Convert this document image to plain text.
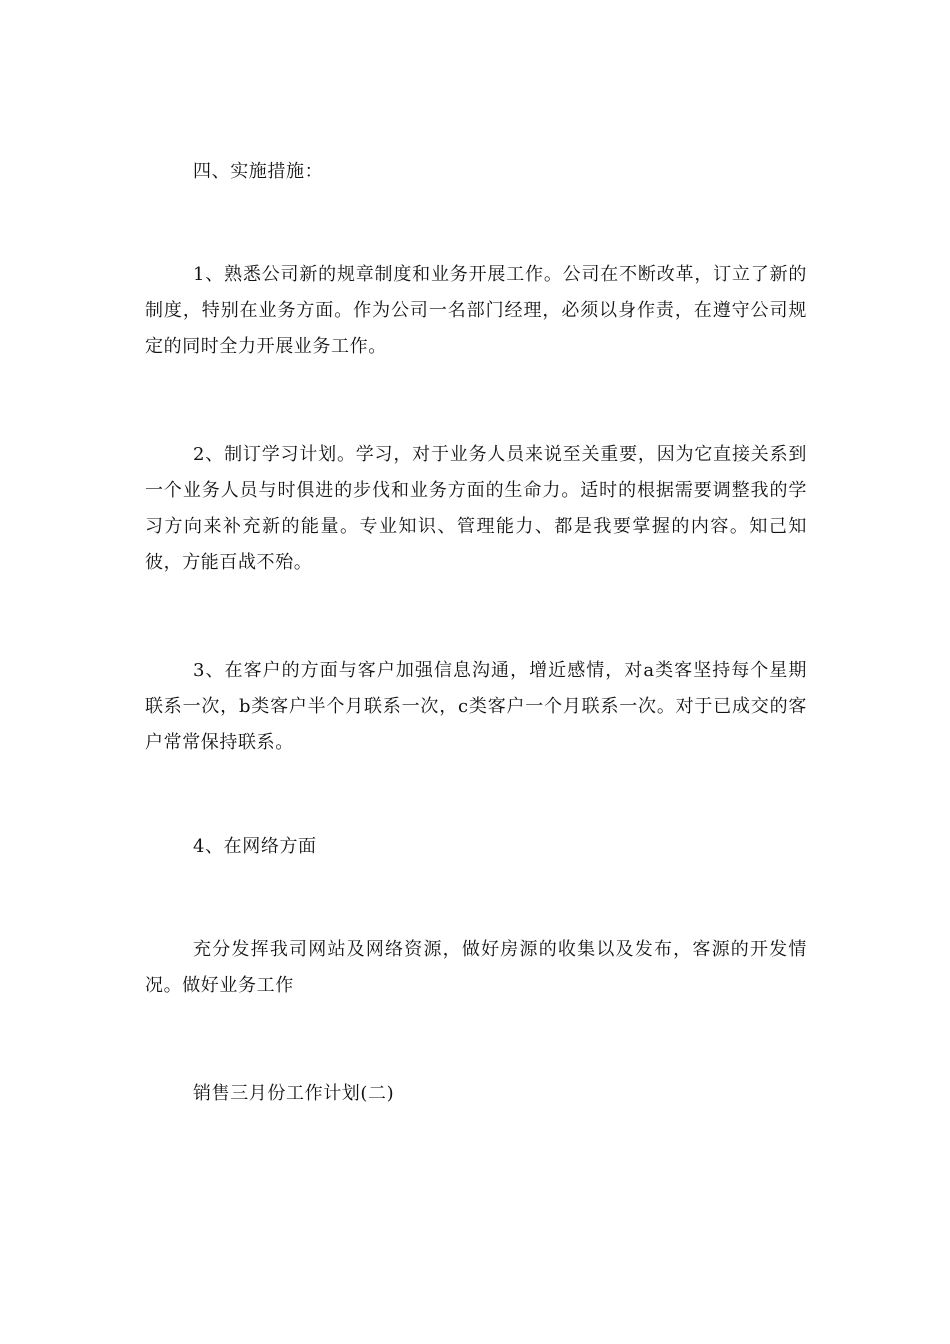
四、实施措施：

1、熟悉公司新的规章制度和业务开展工作。公司在不断改革，订立了新的制度，特别在业务方面。作为公司一名部门经理，必须以身作责，在遵守公司规定的同时全力开展业务工作。

2、制订学习计划。学习，对于业务人员来说至关重要，因为它直接关系到一个业务人员与时俱进的步伐和业务方面的生命力。适时的根据需要调整我的学习方向来补充新的能量。专业知识、管理能力、都是我要掌握的内容。知己知彼，方能百战不殆。

3、在客户的方面与客户加强信息沟通，增近感情，对a类客坚持每个星期联系一次，b类客户半个月联系一次，c类客户一个月联系一次。对于已成交的客户常常保持联系。

4、在网络方面

充分发挥我司网站及网络资源，做好房源的收集以及发布，客源的开发情况。做好业务工作

销售三月份工作计划(二)
